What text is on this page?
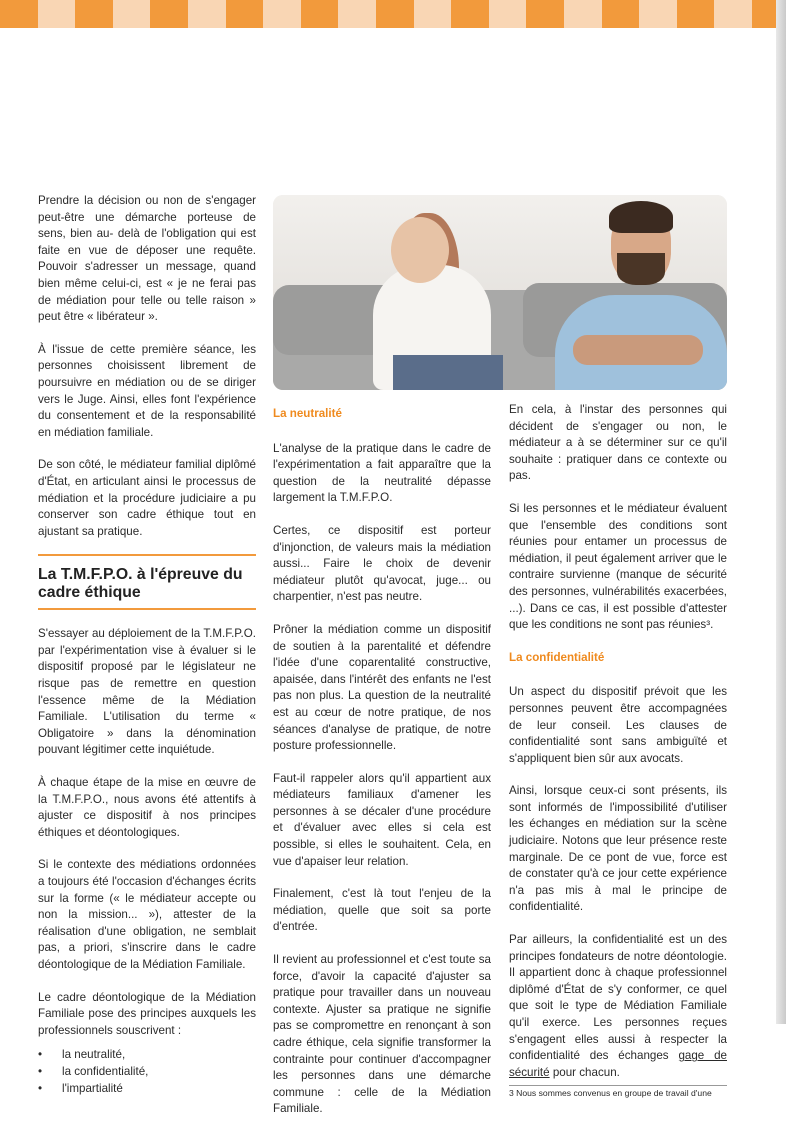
Prendre la décision ou non de s'engager peut-être une démarche porteuse de sens, bien au- delà de l'obligation qui est faite en vue de déposer une requête. Pouvoir s'adresser un message, quand bien même celui-ci, est « je ne ferai pas de médiation pour telle ou telle raison » peut être « libérateur ».

À l'issue de cette première séance, les personnes choisissent librement de poursuivre en médiation ou de se diriger vers le Juge. Ainsi, elles font l'expérience du consentement et de la responsabilité en médiation familiale.

De son côté, le médiateur familial diplômé d'État, en articulant ainsi le processus de médiation et la procédure judiciaire a pu conserver son cadre éthique tout en ajustant sa pratique.

La T.M.F.P.O. à l'épreuve du cadre éthique

S'essayer au déploiement de la T.M.F.P.O. par l'expérimentation vise à évaluer si le dispositif proposé par le législateur ne risque pas de remettre en question l'essence même de la Médiation Familiale. L'utilisation du terme « Obligatoire » dans la dénomination pouvant légitimer cette inquiétude.

À chaque étape de la mise en œuvre de la T.M.F.P.O., nous avons été attentifs à ajuster ce dispositif à nos principes éthiques et déontologiques.

Si le contexte des médiations ordonnées a toujours été l'occasion d'échanges écrits sur la forme (« le médiateur accepte ou non la mission... »), attester de la réalisation d'une obligation, ne semblait pas, a priori, s'inscrire dans le cadre déontologique de la Médiation Familiale.

Le cadre déontologique de la Médiation Familiale pose des principes auxquels les professionnels souscrivent :

• la neutralité,
• la confidentialité,
• l'impartialité
La neutralité

L'analyse de la pratique dans le cadre de l'expérimentation a fait apparaître que la question de la neutralité dépasse largement la T.M.F.P.O.

Certes, ce dispositif est porteur d'injonction, de valeurs mais la médiation aussi... Faire le choix de devenir médiateur plutôt qu'avocat, juge... ou charpentier, n'est pas neutre.

Prôner la médiation comme un dispositif de soutien à la parentalité et défendre l'idée d'une coparentalité constructive, apaisée, dans l'intérêt des enfants ne l'est pas non plus. La question de la neutralité est au cœur de notre pratique, de nos séances d'analyse de pratique, de notre posture professionnelle.

Faut-il rappeler alors qu'il appartient aux médiateurs familiaux d'amener les personnes à se décaler d'une procédure et d'évaluer avec elles si cela est possible, si elles le souhaitent. Cela, en vue d'apaiser leur relation.

Finalement, c'est là tout l'enjeu de la médiation, quelle que soit sa porte d'entrée.

Il revient au professionnel et c'est toute sa force, d'avoir la capacité d'ajuster sa pratique pour travailler dans un nouveau contexte. Ajuster sa pratique ne signifie pas se compromettre en renonçant à son cadre éthique, cela signifie transformer la contrainte pour continuer d'accompagner les personnes dans une démarche commune : celle de la Médiation Familiale.

En cela, à l'instar des personnes qui décident de s'engager ou non, le médiateur a à se déterminer sur ce qu'il souhaite : pratiquer dans ce contexte ou pas.

Si les personnes et le médiateur évaluent que l'ensemble des conditions sont réunies pour entamer un processus de médiation, il peut également arriver que le contraire survienne (manque de sécurité des personnes, vulnérabilités exacerbées, ...). Dans ce cas, il est possible d'attester que les conditions ne sont pas réunies³.

La confidentialité

Un aspect du dispositif prévoit que les personnes peuvent être accompagnées de leur conseil. Les clauses de confidentialité sont sans ambiguïté et s'appliquent bien sûr aux avocats.

Ainsi, lorsque ceux-ci sont présents, ils sont informés de l'impossibilité d'utiliser les échanges en médiation sur la scène judiciaire. Notons que leur présence reste marginale. De ce pont de vue, force est de constater qu'à ce jour cette expérience n'a pas mis à mal le principe de confidentialité.

Par ailleurs, la confidentialité est un des principes fondateurs de notre déontologie. Il appartient donc à chaque professionnel diplômé d'État de s'y conformer, ce quel que soit le type de Médiation Familiale qu'il exerce. Les personnes reçues s'engagent elles aussi à respecter la confidentialité des échanges gage de sécurité pour chacun.

3 Nous sommes convenus en groupe de travail d'une
